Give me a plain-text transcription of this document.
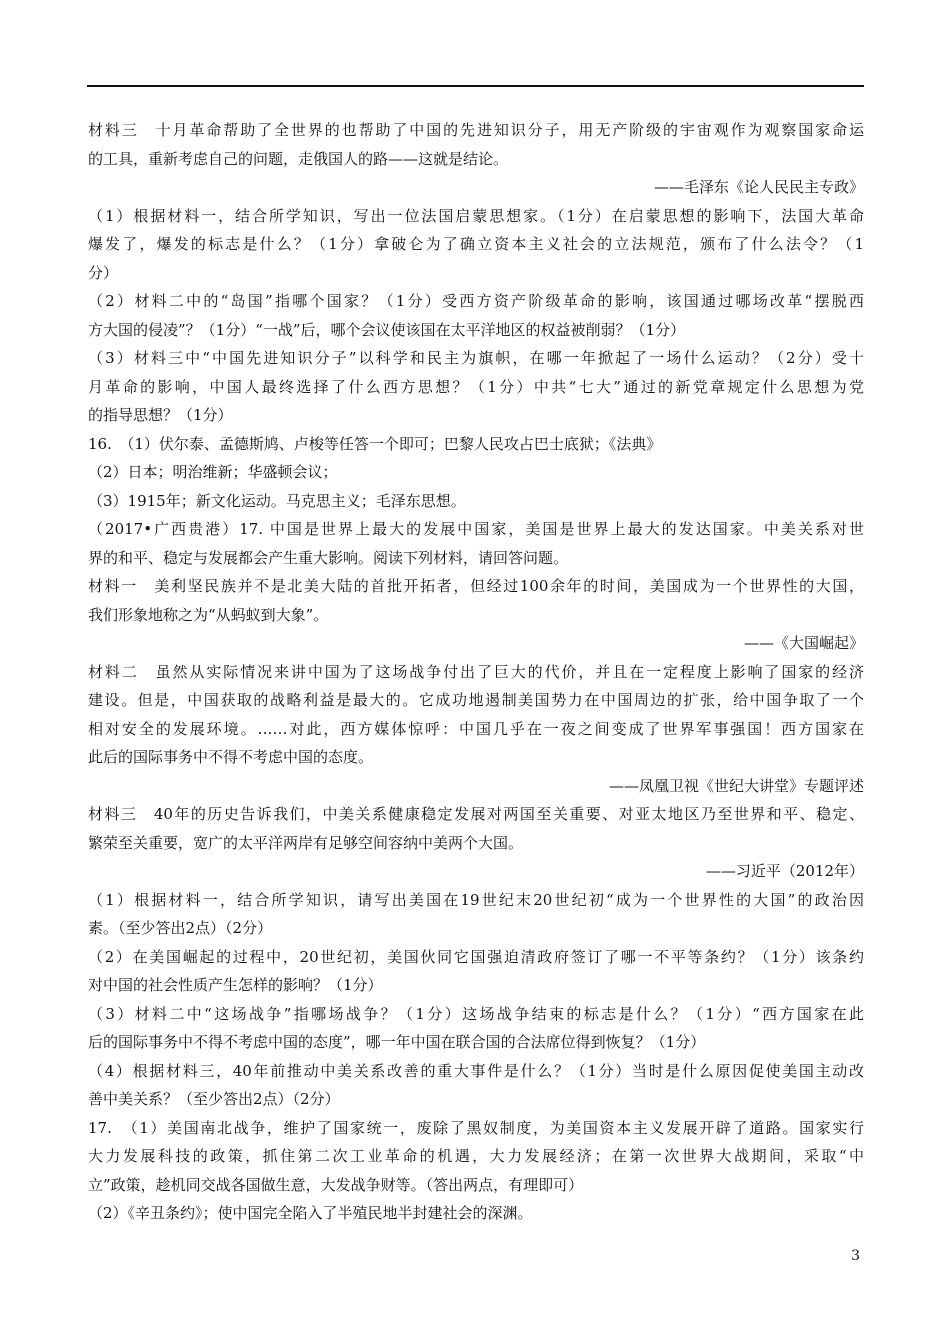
材料三　十月革命帮助了全世界的也帮助了中国的先进知识分子，用无产阶级的宇宙观作为观察国家命运
的工具，重新考虑自己的问题，走俄国人的路——这就是结论。
——毛泽东《论人民民主专政》
（1）根据材料一，结合所学知识，写出一位法国启蒙思想家。（1分）在启蒙思想的影响下，法国大革命
爆发了，爆发的标志是什么？（1分）拿破仑为了确立资本主义社会的立法规范，颁布了什么法令？（1
分）
（2）材料二中的“岛国”指哪个国家？（1分）受西方资产阶级革命的影响，该国通过哪场改革“摆脱西
方大国的侵凌”？（1分）“一战”后，哪个会议使该国在太平洋地区的权益被削弱？（1分）
（3）材料三中“中国先进知识分子”以科学和民主为旗帜，在哪一年掀起了一场什么运动？（2分）受十
月革命的影响，中国人最终选择了什么西方思想？（1分）中共“七大”通过的新党章规定什么思想为党
的指导思想？（1分）
16.　（1）伏尔泰、孟德斯鸠、卢梭等任答一个即可；巴黎人民攻占巴士底狱；《法典》
（2）日本；明治维新；华盛顿会议；
（3）1915年；新文化运动。马克思主义；毛泽东思想。
（2017•广西贵港）17. 中国是世界上最大的发展中国家，美国是世界上最大的发达国家。中美关系对世
界的和平、稳定与发展都会产生重大影响。阅读下列材料，请回答问题。
材料一　美利坚民族并不是北美大陆的首批开拓者，但经过100余年的时间，美国成为一个世界性的大国，
我们形象地称之为“从蚂蚁到大象”。
——《大国崛起》
材料二　虽然从实际情况来讲中国为了这场战争付出了巨大的代价，并且在一定程度上影响了国家的经济
建设。但是，中国获取的战略利益是最大的。它成功地遏制美国势力在中国周边的扩张，给中国争取了一个
相对安全的发展环境。……对此，西方媒体惊呼：中国几乎在一夜之间变成了世界军事强国！西方国家在
此后的国际事务中不得不考虑中国的态度。
——凤凰卫视《世纪大讲堂》专题评述
材料三　40年的历史告诉我们，中美关系健康稳定发展对两国至关重要、对亚太地区乃至世界和平、稳定、
繁荣至关重要，宽广的太平洋两岸有足够空间容纳中美两个大国。
——习近平（2012年）
（1）根据材料一，结合所学知识，请写出美国在19世纪末20世纪初“成为一个世界性的大国”的政治因
素。（至少答出2点）（2分）
（2）在美国崛起的过程中，20世纪初，美国伙同它国强迫清政府签订了哪一不平等条约？（1分）该条约
对中国的社会性质产生怎样的影响？（1分）
（3）材料二中“这场战争”指哪场战争？（1分）这场战争结束的标志是什么？（1分）“西方国家在此
后的国际事务中不得不考虑中国的态度”，哪一年中国在联合国的合法席位得到恢复？（1分）
（4）根据材料三，40年前推动中美关系改善的重大事件是什么？（1分）当时是什么原因促使美国主动改
善中美关系？（至少答出2点）（2分）
17.　（1）美国南北战争，维护了国家统一，废除了黑奴制度，为美国资本主义发展开辟了道路。国家实行
大力发展科技的政策，抓住第二次工业革命的机遇，大力发展经济；在第一次世界大战期间，采取“中
立”政策，趁机同交战各国做生意，大发战争财等。（答出两点，有理即可）
（2）《辛丑条约》；使中国完全陷入了半殖民地半封建社会的深渊。
3
